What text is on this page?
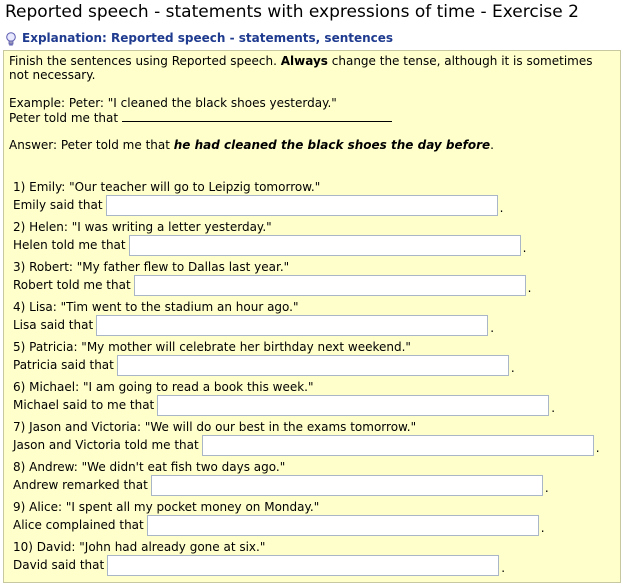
Reported speech - statements with expressions of time - Exercise 2
Explanation: Reported speech - statements, sentences
Finish the sentences using Reported speech. Always change the tense, although it is sometimes
not necessary.
Example: Peter: "I cleaned the black shoes yesterday."
Peter told me that
Answer: Peter told me that he had cleaned the black shoes the day before.
1) Emily: "Our teacher will go to Leipzig tomorrow."
Emily said that	.
2) Helen: "I was writing a letter yesterday."
Helen told me that	.
3) Robert: "My father flew to Dallas last year."
Robert told me that	.
4) Lisa: "Tim went to the stadium an hour ago."
Lisa said that	.
5) Patricia: "My mother will celebrate her birthday next weekend."
Patricia said that	.
6) Michael: "I am going to read a book this week."
Michael said to me that	.
7) Jason and Victoria: "We will do our best in the exams tomorrow."
Jason and Victoria told me that	.
8) Andrew: "We didn't eat fish two days ago."
Andrew remarked that	.
9) Alice: "I spent all my pocket money on Monday."
Alice complained that	.
10) David: "John had already gone at six."
David said that	.
